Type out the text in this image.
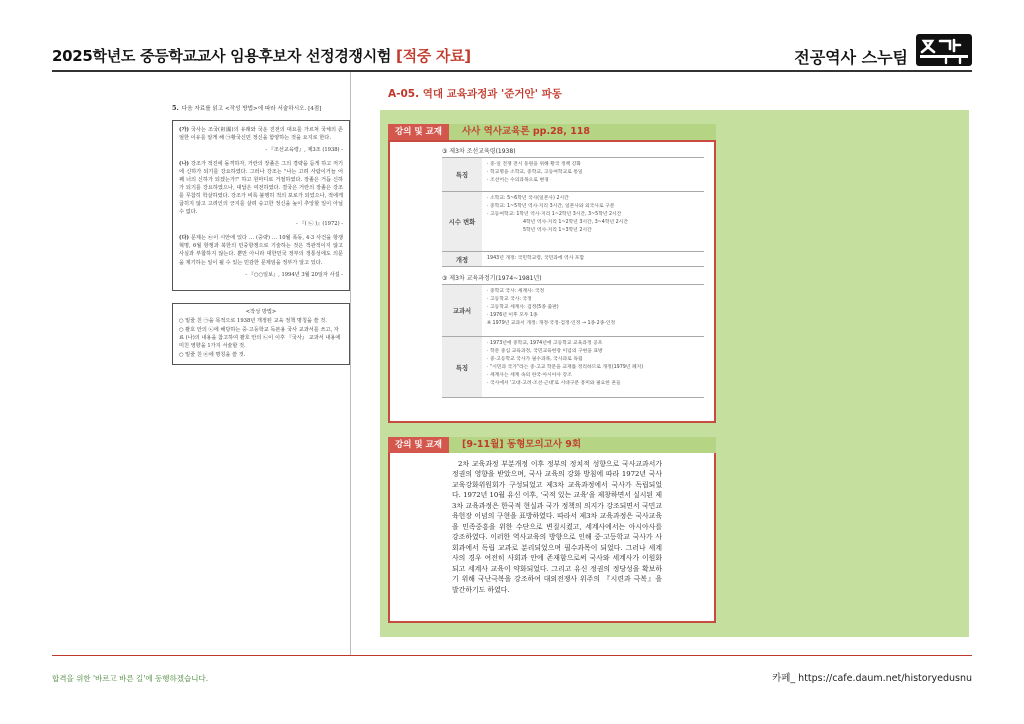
2025학년도 중등학교교사 임용후보자 선정경쟁시험 [적중 자료]	전공역사 스누팀
5. 다음 자료를 읽고 <작성 방법>에 따라 서술하시오. [4점]
(가) 국사는 조국(祖國)의 유래와 국운 진전의 대요를 가르쳐 국체의 존엄한 이유를 알게 해 ㉠황국신민 정신을 함양하는 것을 요지로 한다.
- 『조선교육령』, 제3조 (1938) -
(나) 강조가 적진에 돌격하자, 거란의 장졸은 그의 경략을 듣게 하고 저기에 신하가 되기를 강요하였다. 그러나 강조는 "나는 고려 사람이거늘 어째 너의 신하가 되겠는가!" 하고 원마디로 거절하였다. 장졸은 거듭 신하가 되기를 강요하였으나, 대답은 여전하였다. 결국은 거란의 장졸은 강조를 무참히 학살하였다. 강조가 비록 불행히 적의 포로가 되었으나, 적에게 굽히지 않고 고려인의 긍지를 살려 숭고한 정신을 높이 추앙할 일이 아닐 수 없다.
- 『( ㉡ )』(1972) -
(다) 문제는 ㉢이 시안에 있다 … (중략) … 10월 폭동, 4·3 사건을 항쟁혁명, 6월 항쟁과 북한의 민중항쟁으로 기술하는 것은 객관적이지 않고 사실과 부합하지 않는다. 뿐만 아니라 대한민국 정부의 정통성에도 의문을 제기하는 일이 될 수 있는 민감한 문제임을 정부가 알고 있다.
- 『○○일보』, 1994년 3월 20일자 사설 -
<작성 방법>
○ 밑줄 친 ㉠을 목적으로 1938년 개정된 교육 정책 명칭을 쓸 것.
○ 괄호 안의 ㉡에 해당하는 중·고등학교 독본용 국사 교과서를 쓰고, 자료 (나)의 내용을 참고하여 괄호 안의 ㉡이 이후 『국사』 교과서 내용에 미친 영향을 1가지 서술할 것.
○ 밑줄 친 ㉢에 명칭을 쓸 것.
A-05. 역대 교육과정과 '준거안' 파동
강의 및 교재	사사 역사교육론 pp.28, 118
③ 제3차 조선교육령(1938)
특징
· 중·일 전쟁 전시 동원을 위해 황국 정책 강화
· 학교명을 소학교, 중학교, 고등여학교로 통일
· 조선어는 수의과목으로 변경
시수 변화
· 소학교: 5~6학년 국사(일본사) 2시간
· 중학교: 1~5학년 역사·지리 3시간, 일본사와 외국사로 구분
· 고등여학교: 1학년 역사·지리 1~2학년 3시간, 3~5학년 2시간
4학년 역사·지리 1~2학년 3시간, 3~4학년 2시간
5학년 역사·지리 1~3학년 2시간
개정	1943년 개정: 국민학교령, 국민과에 역사 포함
③ 제3차 교육과정기(1974~1981년)
교과서
· 중학교 국사: 세계사: 국정
· 고등학교 국사: 국정
· 고등학교 세계사: 검정(5종 출판)
· 1976년 이후 모두 1종
※ 1979년 교과서 개정: 개정·국정·검정·인정 → 1종·2종·인정
특징
· 1973년에 중학교, 1974년에 고등학교 교육과정 공포
· 학문 중심 교육과정, 국민교육헌장 이념의 구현을 표방
· 중·고등학교 국사가 필수과목, 국사과로 독립
· "시민과 국가"라는 중·고교 학문을 교재를 정리하므로 개정(1979년 폐지)
· 세계사는 세계 속의 한국·아시아사 강조
· 국사에서 '고대·고려·조선·근대'로 시대구분 흥미와 필요한 흔들
강의 및 교재	[9-11월] 동형모의고사 9회
2차 교육과정 부분개정 이후 정부의 정치적 성향으로 국사교과서가 정권의 영향을 받았으며, 국사 교육의 강화 방침에 따라 1972년 국사교육강화위원회가 구성되었고 제3차 교육과정에서 국사가 독립되었다. 1972년 10월 유신 이후, '국적 있는 교육'을 제창하면서 실시된 제3차 교육과정은 한국적 현실과 국가 정책의 의지가 강조되면서 국민교육헌장 이념의 구현을 표방하였다. 따라서 제3차 교육과정은 국사교육을 민족중흥을 위한 수단으로 변질시켰고, 세계사에서는 아시아사를 강조하였다. 이러한 역사교육의 방향으로 인해 중·고등학교 국사가 사회과에서 독립 교과로 분리되었으며 필수과목이 되었다. 그러나 세계사의 경우 여전히 사회과 안에 존재함으로써 국사와 세계사가 이원화되고 세계사 교육이 약화되었다. 그리고 유신 정권의 정당성을 확보하기 위해 국난극복을 강조하여 대외전쟁사 위주의 『시련과 극복』을 발간하기도 하였다.
합격을 위한 '바르고 바른 길'에 동행하겠습니다.	카페_ https://cafe.daum.net/historyedusnu
